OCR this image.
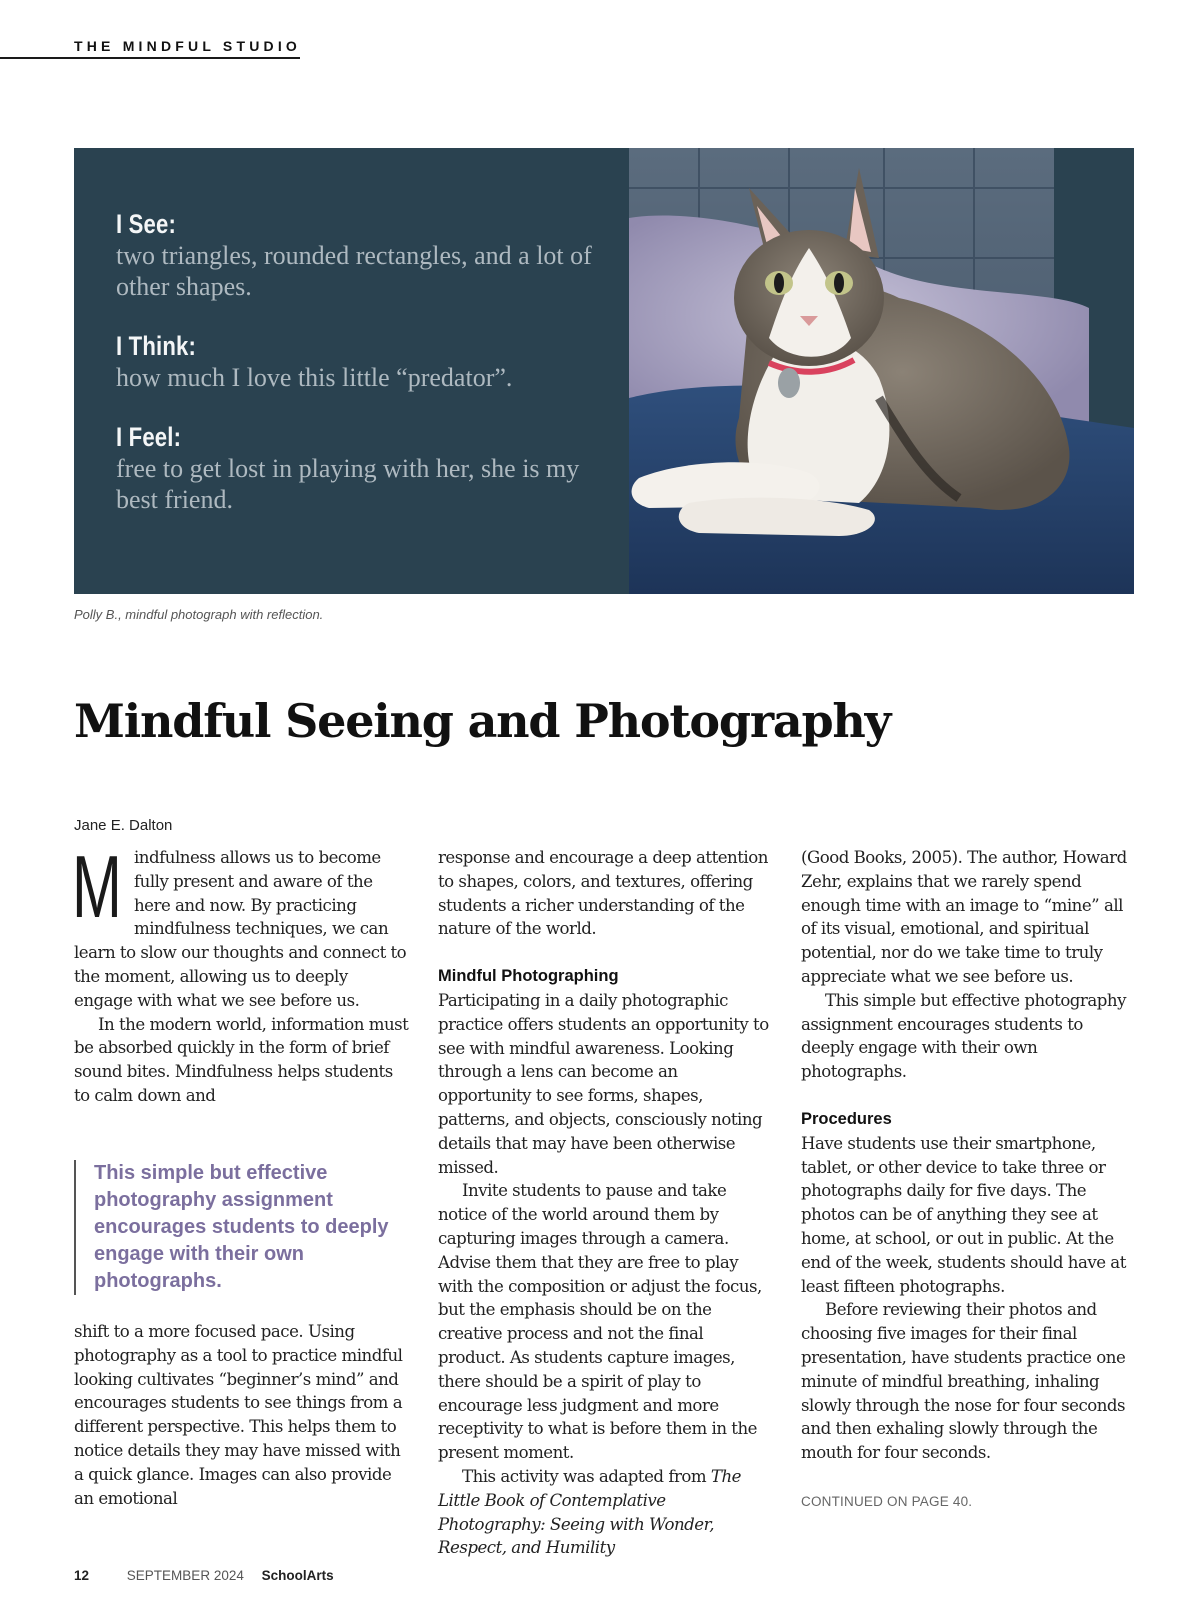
THE MINDFUL STUDIO
I See:
two triangles, rounded rectangles, and a lot of other shapes.
I Think:
how much I love this little “predator”.
I Feel:
free to get lost in playing with her, she is my best friend.
Polly B., mindful photograph with reflection.
Mindful Seeing and Photography
Jane E. Dalton

Mindfulness allows us to become fully present and aware of the here and now. By practicing mindfulness techniques, we can learn to slow our thoughts and connect to the moment, allowing us to deeply engage with what we see before us.

In the modern world, information must be absorbed quickly in the form of brief sound bites. Mindfulness helps students to calm down and

This simple but effective photography assignment encourages students to deeply engage with their own photographs.

shift to a more focused pace. Using photography as a tool to practice mindful looking cultivates “beginner’s mind” and encourages students to see things from a different perspective. This helps them to notice details they may have missed with a quick glance. Images can also provide an emotional

response and encourage a deep attention to shapes, colors, and textures, offering students a richer understanding of the nature of the world.

Mindful Photographing

Participating in a daily photographic practice offers students an opportunity to see with mindful awareness. Looking through a lens can become an opportunity to see forms, shapes, patterns, and objects, consciously noting details that may have been otherwise missed.

Invite students to pause and take notice of the world around them by capturing images through a camera. Advise them that they are free to play with the composition or adjust the focus, but the emphasis should be on the creative process and not the final product. As students capture images, there should be a spirit of play to encourage less judgment and more receptivity to what is before them in the present moment.

This activity was adapted from The Little Book of Contemplative Photography: Seeing with Wonder, Respect, and Humility

(Good Books, 2005). The author, Howard Zehr, explains that we rarely spend enough time with an image to “mine” all of its visual, emotional, and spiritual potential, nor do we take time to truly appreciate what we see before us.

This simple but effective photography assignment encourages students to deeply engage with their own photographs.

Procedures

Have students use their smartphone, tablet, or other device to take three or photographs daily for five days. The photos can be of anything they see at home, at school, or out in public. At the end of the week, students should have at least fifteen photographs.

Before reviewing their photos and choosing five images for their final presentation, have students practice one minute of mindful breathing, inhaling slowly through the nose for four seconds and then exhaling slowly through the mouth for four seconds.

CONTINUED ON PAGE 40.
12	SEPTEMBER 2024 SchoolArts
